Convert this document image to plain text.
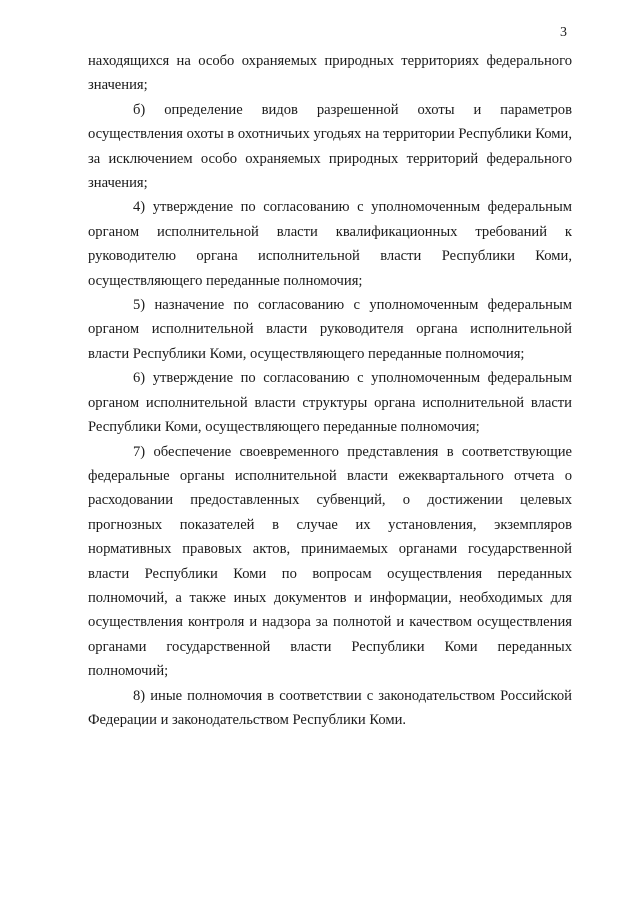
3

находящихся на особо охраняемых природных территориях федерального значения;

б) определение видов разрешенной охоты и параметров осуществления охоты в охотничьих угодьях на территории Республики Коми, за исключением особо охраняемых природных территорий федерального значения;

4) утверждение по согласованию с уполномоченным федеральным органом исполнительной власти квалификационных требований к руководителю органа исполнительной власти Республики Коми, осуществляющего переданные полномочия;

5) назначение по согласованию с уполномоченным федеральным органом исполнительной власти руководителя органа исполнительной власти Республики Коми, осуществляющего переданные полномочия;

6) утверждение по согласованию с уполномоченным федеральным органом исполнительной власти структуры органа исполнительной власти Республики Коми, осуществляющего переданные полномочия;

7) обеспечение своевременного представления в соответствующие федеральные органы исполнительной власти ежеквартального отчета о расходовании предоставленных субвенций, о достижении целевых прогнозных показателей в случае их установления, экземпляров нормативных правовых актов, принимаемых органами государственной власти Республики Коми по вопросам осуществления переданных полномочий, а также иных документов и информации, необходимых для осуществления контроля и надзора за полнотой и качеством осуществления органами государственной власти Республики Коми переданных полномочий;

8) иные полномочия в соответствии с законодательством Российской Федерации и законодательством Республики Коми.
